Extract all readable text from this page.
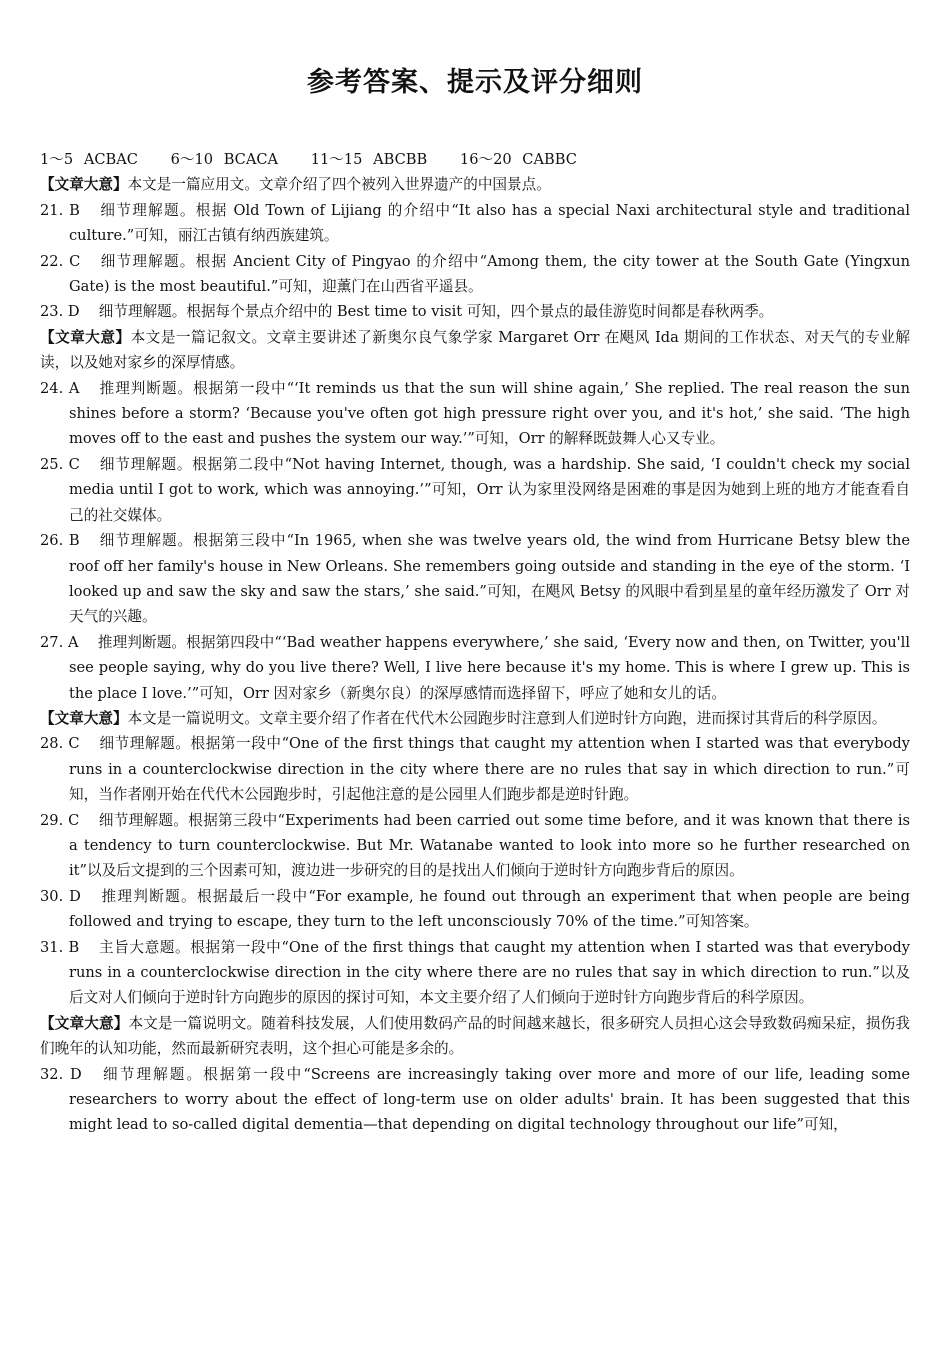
参考答案、提示及评分细则

1～5 ACBAC 6～10 BCACA 11～15 ABCBB 16～20 CABBC

【文章大意】本文是一篇应用文。文章介绍了四个被列入世界遗产的中国景点。

21. B  细节理解题。根据 Old Town of Lijiang 的介绍中“It also has a special Naxi architectural style and traditional culture.”可知，丽江古镇有纳西族建筑。

22. C  细节理解题。根据 Ancient City of Pingyao 的介绍中“Among them, the city tower at the South Gate (Yingxun Gate) is the most beautiful.”可知，迎薰门在山西省平遥县。

23. D  细节理解题。根据每个景点介绍中的 Best time to visit 可知，四个景点的最佳游览时间都是春秋两季。

【文章大意】本文是一篇记叙文。文章主要讲述了新奥尔良气象学家 Margaret Orr 在飓风 Ida 期间的工作状态、对天气的专业解读，以及她对家乡的深厚情感。

24. A  推理判断题。根据第一段中“‘It reminds us that the sun will shine again,’ She replied. The real reason the sun shines before a storm? ‘Because you've often got high pressure right over you, and it's hot,’ she said. ‘The high moves off to the east and pushes the system our way.’”可知，Orr 的解释既鼓舞人心又专业。

25. C  细节理解题。根据第二段中“Not having Internet, though, was a hardship. She said, ‘I couldn't check my social media until I got to work, which was annoying.’”可知，Orr 认为家里没网络是困难的事是因为她到上班的地方才能查看自己的社交媒体。

26. B  细节理解题。根据第三段中“In 1965, when she was twelve years old, the wind from Hurricane Betsy blew the roof off her family's house in New Orleans. She remembers going outside and standing in the eye of the storm. ‘I looked up and saw the sky and saw the stars,’ she said.”可知，在飓风 Betsy 的风眼中看到星星的童年经历激发了 Orr 对天气的兴趣。

27. A  推理判断题。根据第四段中“‘Bad weather happens everywhere,’ she said, ‘Every now and then, on Twitter, you'll see people saying, why do you live there? Well, I live here because it's my home. This is where I grew up. This is the place I love.’”可知，Orr 因对家乡（新奥尔良）的深厚感情而选择留下，呼应了她和女儿的话。

【文章大意】本文是一篇说明文。文章主要介绍了作者在代代木公园跑步时注意到人们逆时针方向跑，进而探讨其背后的科学原因。

28. C  细节理解题。根据第一段中“One of the first things that caught my attention when I started was that everybody runs in a counterclockwise direction in the city where there are no rules that say in which direction to run.”可知，当作者刚开始在代代木公园跑步时，引起他注意的是公园里人们跑步都是逆时针跑。

29. C  细节理解题。根据第三段中“Experiments had been carried out some time before, and it was known that there is a tendency to turn counterclockwise. But Mr. Watanabe wanted to look into more so he further researched on it”以及后文提到的三个因素可知，渡边进一步研究的目的是找出人们倾向于逆时针方向跑步背后的原因。

30. D  推理判断题。根据最后一段中“For example, he found out through an experiment that when people are being followed and trying to escape, they turn to the left unconsciously 70% of the time.”可知答案。

31. B  主旨大意题。根据第一段中“One of the first things that caught my attention when I started was that everybody runs in a counterclockwise direction in the city where there are no rules that say in which direction to run.”以及后文对人们倾向于逆时针方向跑步的原因的探讨可知，本文主要介绍了人们倾向于逆时针方向跑步背后的科学原因。

【文章大意】本文是一篇说明文。随着科技发展，人们使用数码产品的时间越来越长，很多研究人员担心这会导致数码痴呆症，损伤我们晚年的认知功能，然而最新研究表明，这个担心可能是多余的。

32. D  细节理解题。根据第一段中“Screens are increasingly taking over more and more of our life, leading some researchers to worry about the effect of long-term use on older adults' brain. It has been suggested that this might lead to so-called digital dementia—that depending on digital technology throughout our life”可知，
